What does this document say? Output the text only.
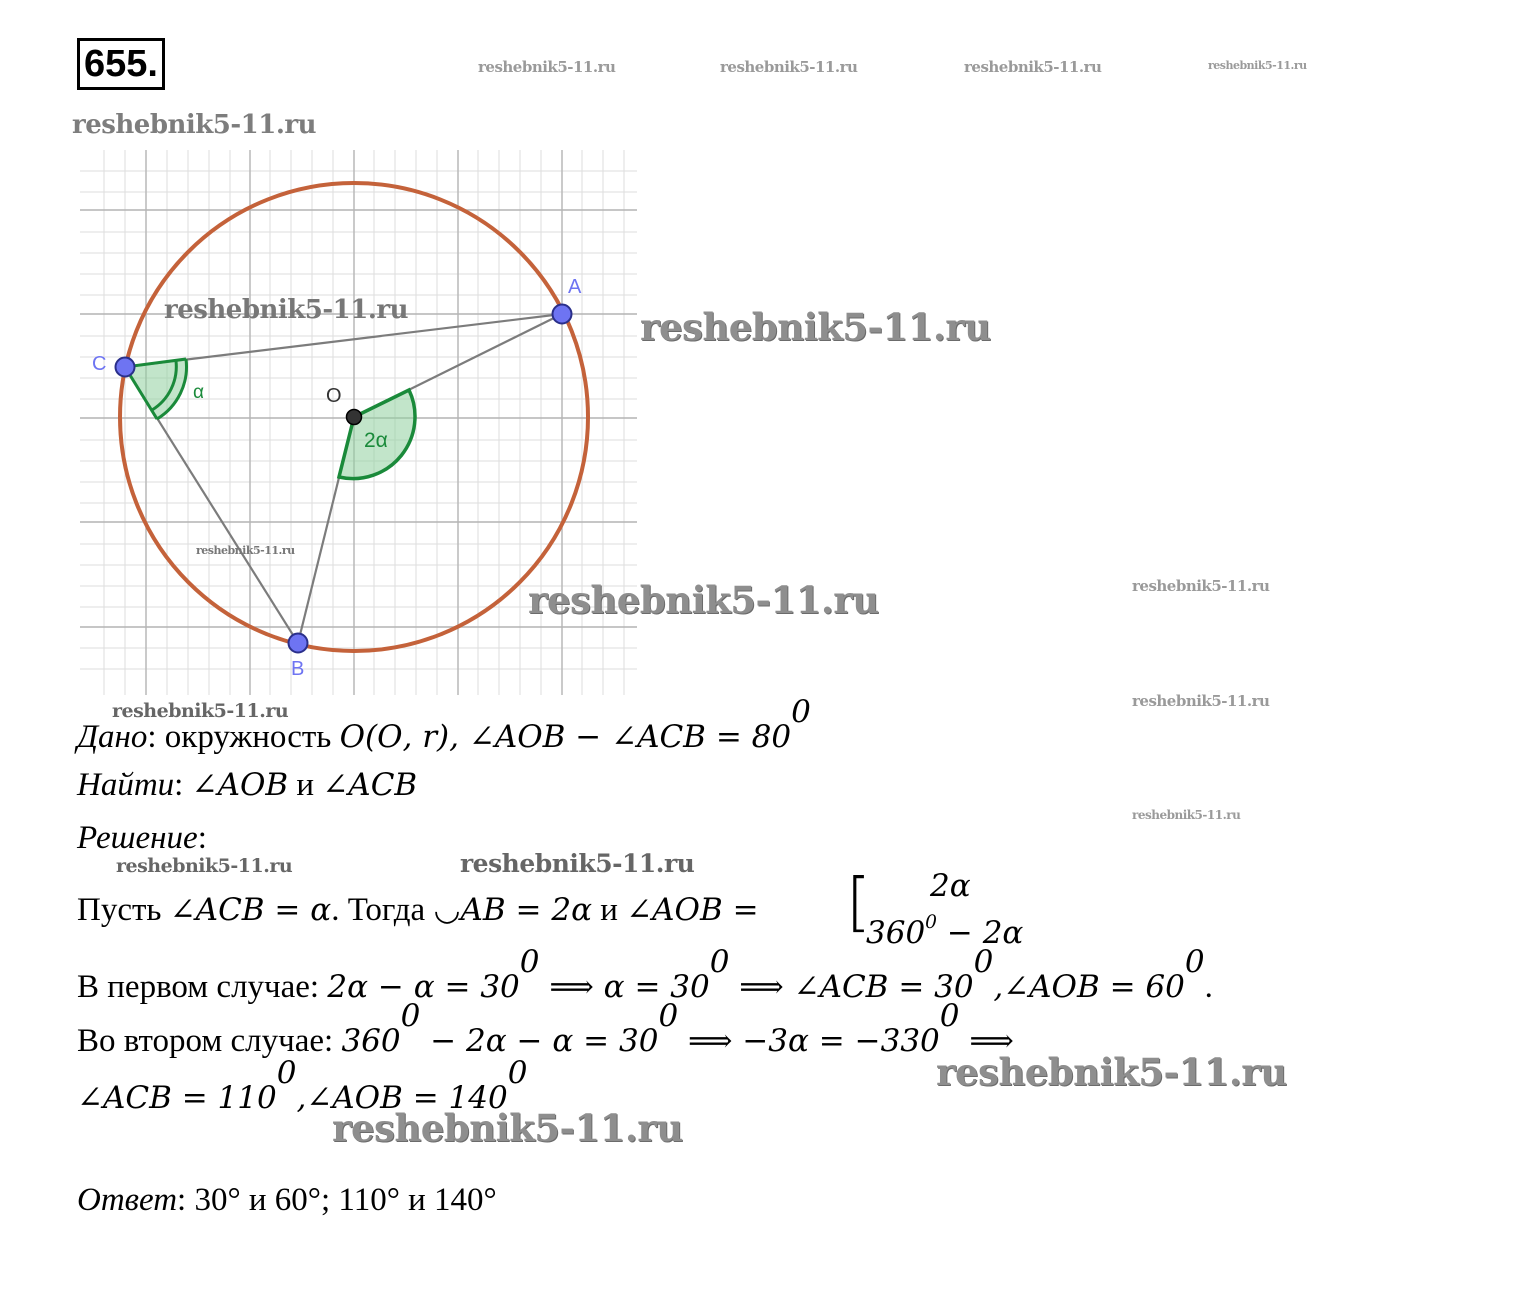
655.	reshebnik5-11.ru	reshebnik5-11.ru	reshebnik5-11.ru	reshebnik5-11.ru
reshebnik5-11.ru
α
2α
A
C
B
O
reshebnik5-11.ru	reshebnik5-11.ru
reshebnik5-11.ru
reshebnik5-11.ru	reshebnik5-11.ru
reshebnik5-11.ru
reshebnik5-11.ru
reshebnik5-11.ru
Дано: окружность 𝑂(𝑂, 𝑟), ∠𝐴𝑂𝐵 − ∠𝐴𝐶𝐵 = $80^0$
Найти: ∠𝐴𝑂𝐵 и ∠𝐴𝐶𝐵
Решение:
reshebnik5-11.ru	reshebnik5-11.ru
Пусть ∠𝐴𝐶𝐵 = 𝛼. Тогда ◡𝐴𝐵 = 2𝛼 и ∠𝐴𝑂𝐵 = [ 2𝛼
$360^0$ − 2𝛼
В первом случае: 2𝛼 − 𝛼 = $30^0$ ⟹ 𝛼 = $30^0$ ⟹ ∠𝐴𝐶𝐵 = $30^0,\angle 𝐴𝑂𝐵 = 60^0$.
Во втором случае: $360^0$ − 2𝛼 − 𝛼 = $30^0$ ⟹ −3𝛼 = $-330^0$ ⟹
∠𝐴𝐶𝐵 = $110^0,\angle 𝐴𝑂𝐵 = 140^0$	reshebnik5-11.ru
reshebnik5-11.ru
Ответ: 30° и 60°; 110° и 140°
